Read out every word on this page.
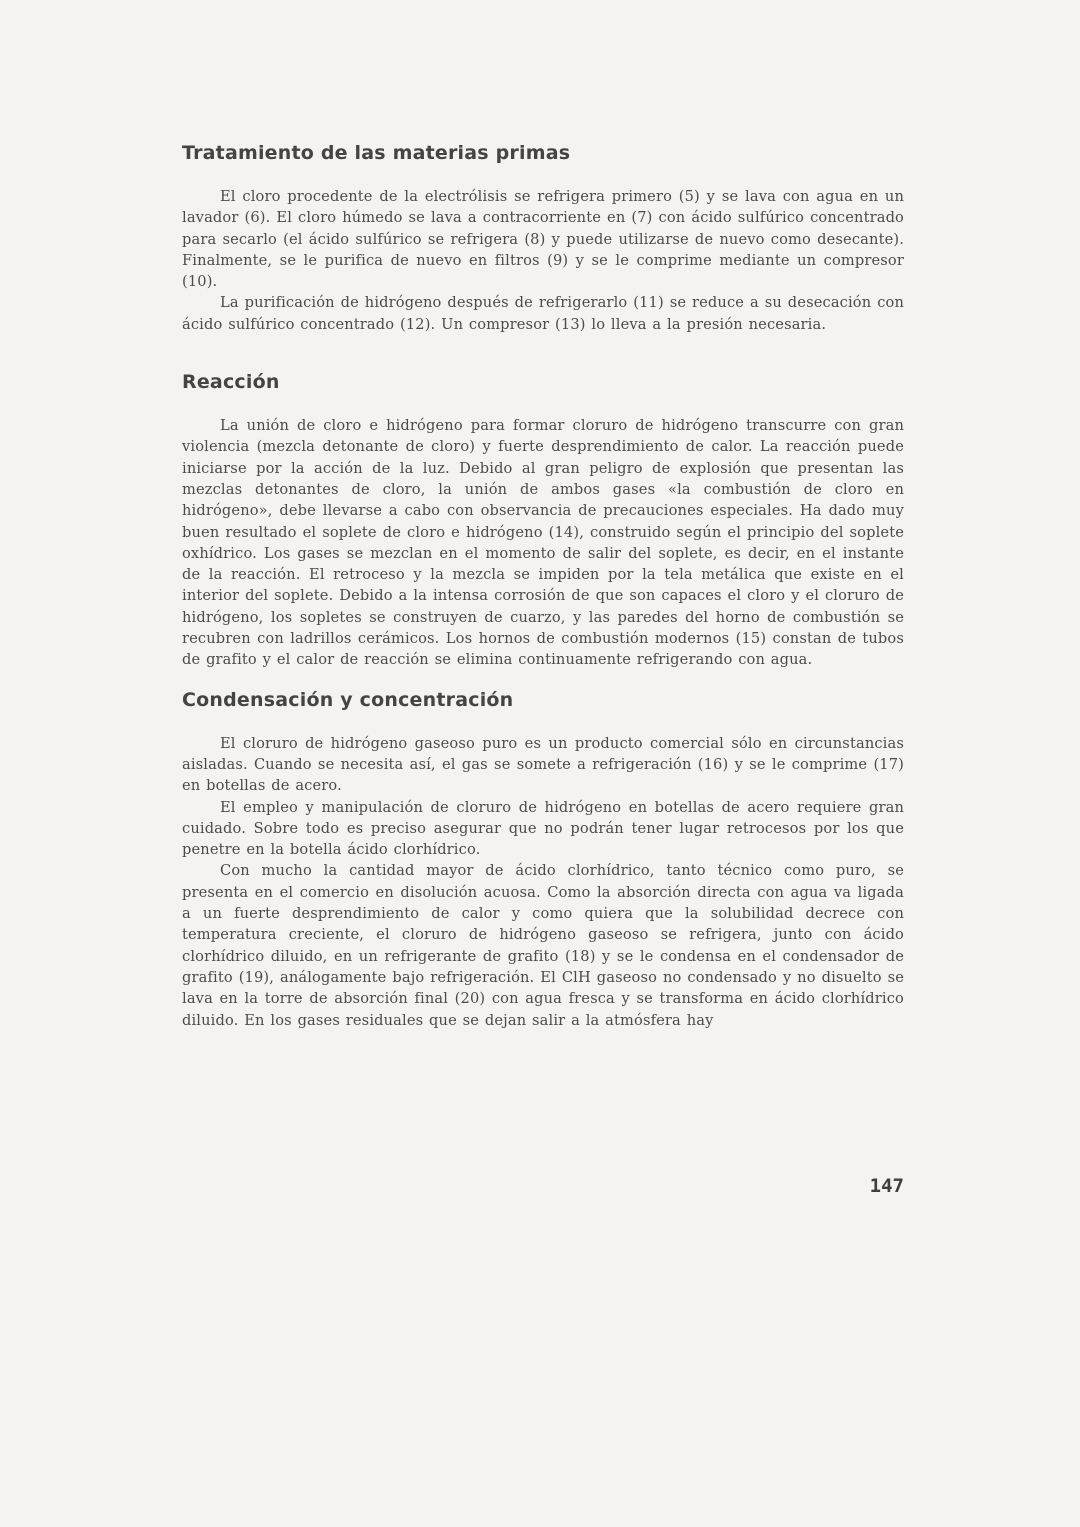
Tratamiento de las materias primas

El cloro procedente de la electrólisis se refrigera primero (5) y se lava con agua en un lavador (6). El cloro húmedo se lava a contracorriente en (7) con ácido sulfúrico concentrado para secarlo (el ácido sulfúrico se refrigera (8) y puede utilizarse de nuevo como desecante). Finalmente, se le purifica de nuevo en filtros (9) y se le comprime mediante un compresor (10).

La purificación de hidrógeno después de refrigerarlo (11) se reduce a su desecación con ácido sulfúrico concentrado (12). Un compresor (13) lo lleva a la presión necesaria.

Reacción

La unión de cloro e hidrógeno para formar cloruro de hidrógeno transcurre con gran violencia (mezcla detonante de cloro) y fuerte desprendimiento de calor. La reacción puede iniciarse por la acción de la luz. Debido al gran peligro de explosión que presentan las mezclas detonantes de cloro, la unión de ambos gases «la combustión de cloro en hidrógeno», debe llevarse a cabo con observancia de precauciones especiales. Ha dado muy buen resultado el soplete de cloro e hidrógeno (14), construido según el principio del soplete oxhídrico. Los gases se mezclan en el momento de salir del soplete, es decir, en el instante de la reacción. El retroceso y la mezcla se impiden por la tela metálica que existe en el interior del soplete. Debido a la intensa corrosión de que son capaces el cloro y el cloruro de hidrógeno, los sopletes se construyen de cuarzo, y las paredes del horno de combustión se recubren con ladrillos cerámicos. Los hornos de combustión modernos (15) constan de tubos de grafito y el calor de reacción se elimina continuamente refrigerando con agua.

Condensación y concentración

El cloruro de hidrógeno gaseoso puro es un producto comercial sólo en circunstancias aisladas. Cuando se necesita así, el gas se somete a refrigeración (16) y se le comprime (17) en botellas de acero.

El empleo y manipulación de cloruro de hidrógeno en botellas de acero requiere gran cuidado. Sobre todo es preciso asegurar que no podrán tener lugar retrocesos por los que penetre en la botella ácido clorhídrico.

Con mucho la cantidad mayor de ácido clorhídrico, tanto técnico como puro, se presenta en el comercio en disolución acuosa. Como la absorción directa con agua va ligada a un fuerte desprendimiento de calor y como quiera que la solubilidad decrece con temperatura creciente, el cloruro de hidrógeno gaseoso se refrigera, junto con ácido clorhídrico diluido, en un refrigerante de grafito (18) y se le condensa en el condensador de grafito (19), análogamente bajo refrigeración. El ClH gaseoso no condensado y no disuelto se lava en la torre de absorción final (20) con agua fresca y se transforma en ácido clorhídrico diluido. En los gases residuales que se dejan salir a la atmósfera hay

147
